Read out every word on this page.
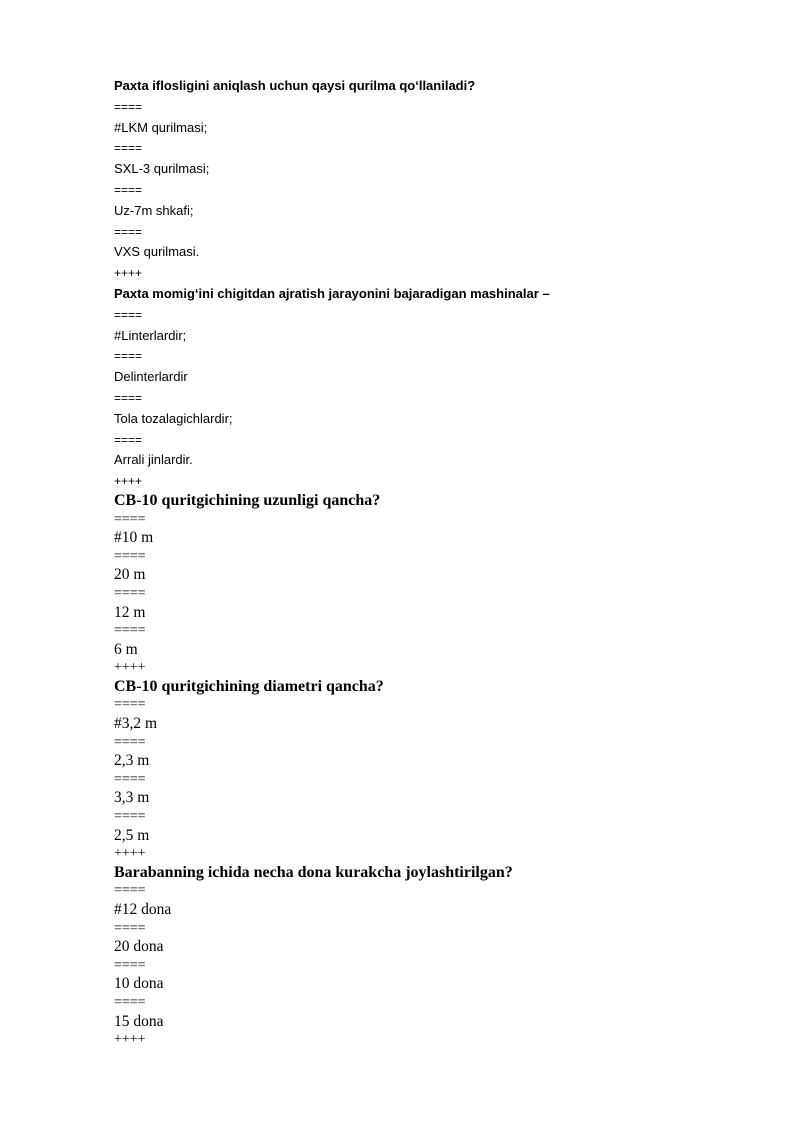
Paxta iflosligini aniqlash uchun qaysi qurilma qo‘llaniladi?
====
#LKM qurilmasi;
====
SXL-3 qurilmasi;
====
Uz-7m shkafi;
====
VXS qurilmasi.
++++
Paxta momig‘ini chigitdan ajratish jarayonini bajaradigan mashinalar –
====
#Linterlardir;
====
Delinterlardir
====
Tola tozalagichlardir;
====
Arrali jinlardir.
++++
CB-10 quritgichining uzunligi qancha?
====
#10 m
====
20 m
====
12 m
====
6 m
++++
CB-10 quritgichining diametri qancha?
====
#3,2 m
====
2,3 m
====
3,3 m
====
2,5 m
++++
Barabanning ichida necha dona kurakcha joylashtirilgan?
====
#12 dona
====
20 dona
====
10 dona
====
15 dona
++++
